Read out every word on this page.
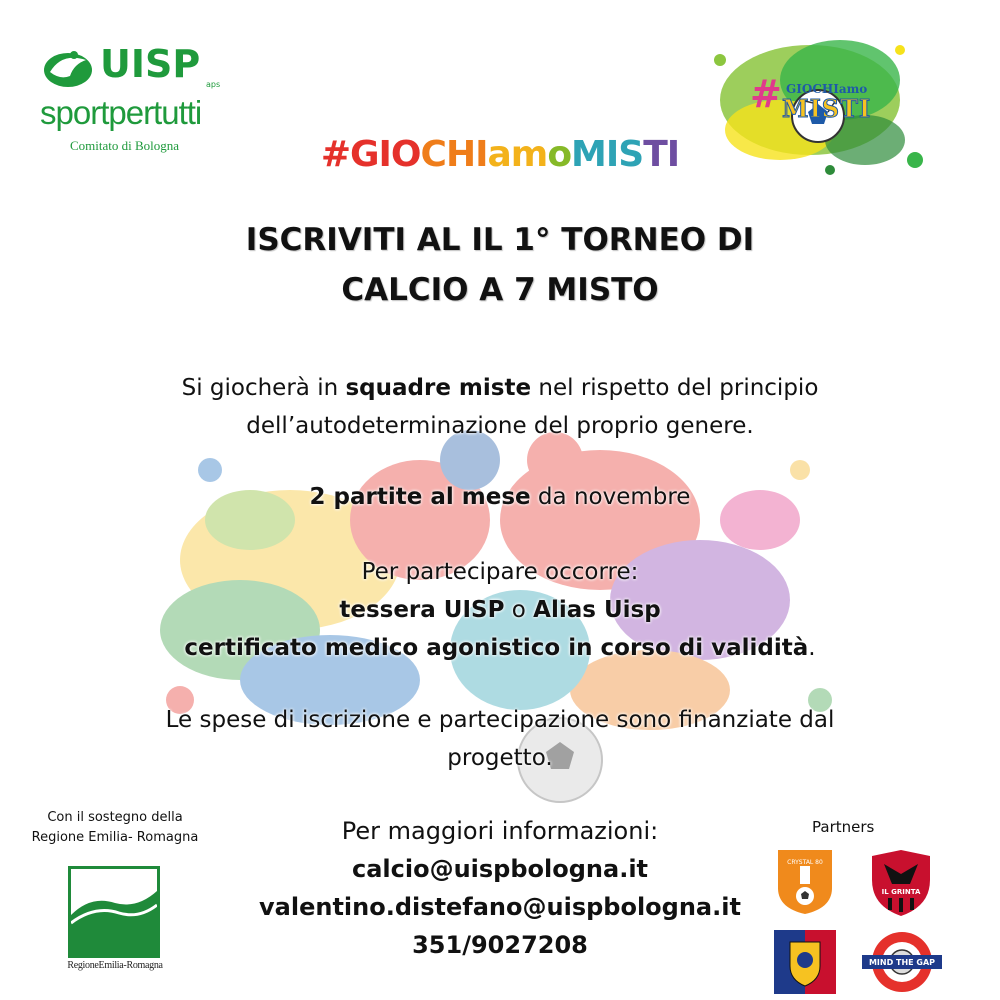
UISP aps
sportpertutti
Comitato di Bologna
# GIOCHIamo
MISTI
#GIOCHIamoMISTI
ISCRIVITI AL IL 1° TORNEO DI
CALCIO A 7 MISTO
Si giocherà in squadre miste nel rispetto del principio
dell’autodeterminazione del proprio genere.
2 partite al mese da novembre
Per partecipare occorre:
tessera UISP o Alias Uisp
certificato medico agonistico in corso di validità.
Le spese di iscrizione e partecipazione sono finanziate dal
progetto.
Per maggiori informazioni:
calcio@uispbologna.it
valentino.distefano@uispbologna.it
351/9027208
Con il sostegno della
Regione Emilia- Romagna
RegioneEmilia-Romagna
Partners
CRYSTAL 80
IL GRINTA
MIND THE GAP
